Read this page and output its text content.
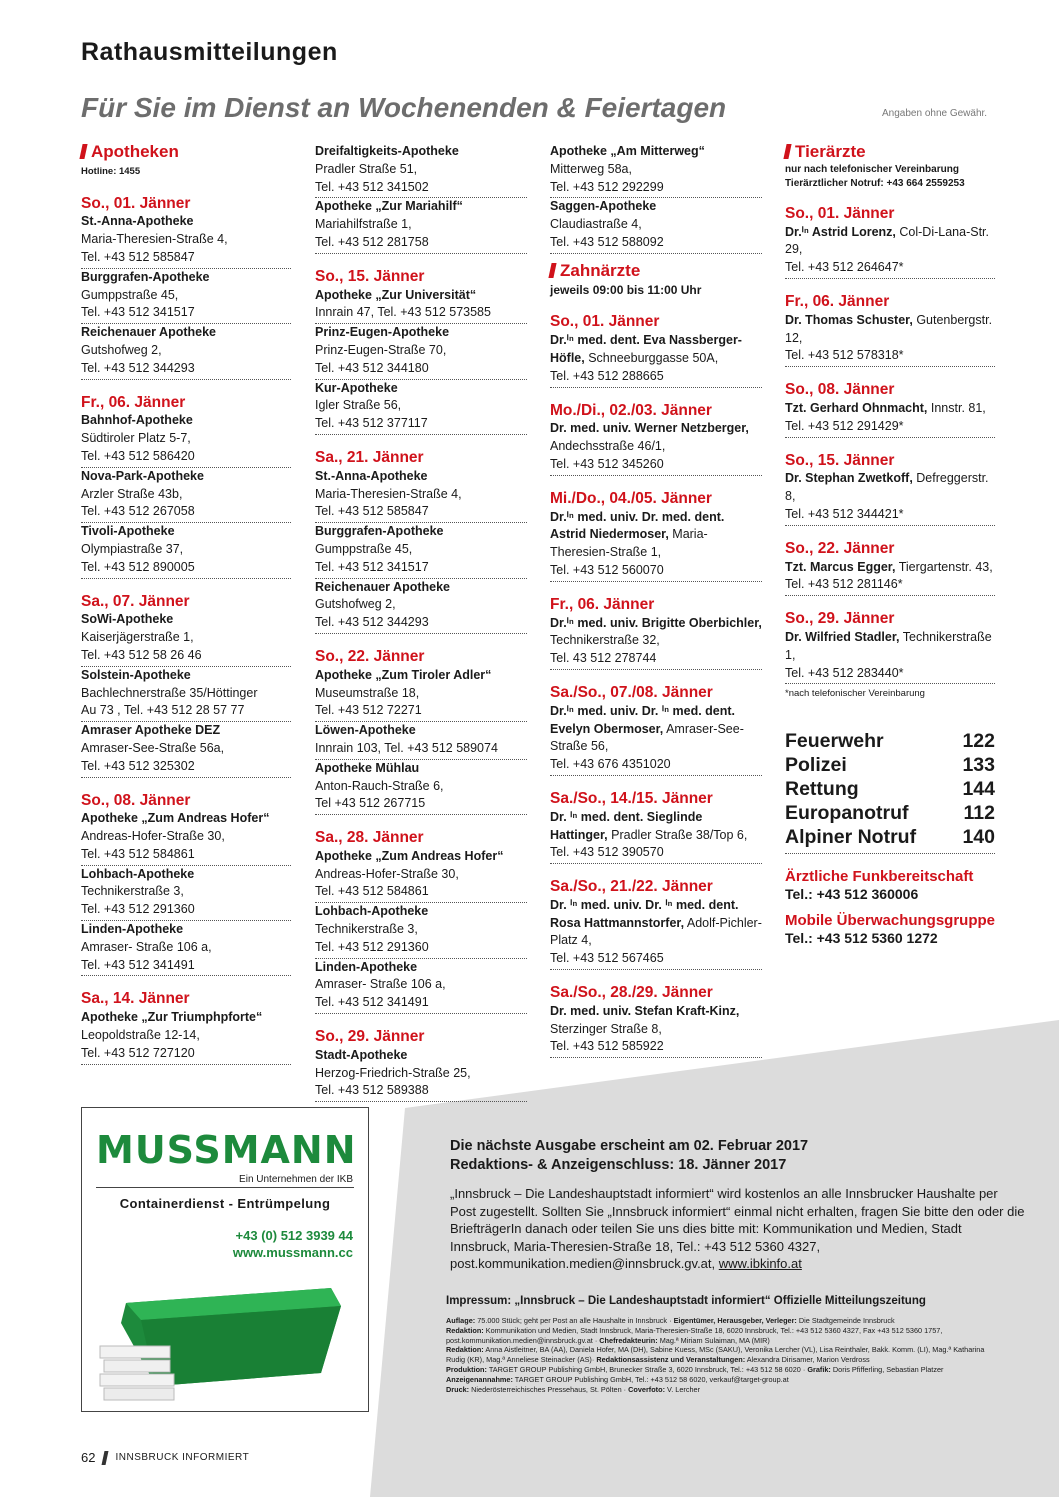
Rathausmitteilungen
Für Sie im Dienst an Wochenenden & Feiertagen	Angaben ohne Gewähr.
Apotheken
Hotline: 1455
So., 01. Jänner
St.-Anna-Apotheke
Maria-Theresien-Straße 4,
Tel. +43 512 585847
Burggrafen-Apotheke
Gumppstraße 45,
Tel. +43 512 341517
Reichenauer Apotheke
Gutshofweg 2,
Tel. +43 512 344293
Fr., 06. Jänner
Bahnhof-Apotheke
Südtiroler Platz 5-7,
Tel. +43 512 586420
Nova-Park-Apotheke
Arzler Straße 43b,
Tel. +43 512 267058
Tivoli-Apotheke
Olympiastraße 37,
Tel. +43 512 890005
Sa., 07. Jänner
SoWi-Apotheke
Kaiserjägerstraße 1,
Tel. +43 512 58 26 46
Solstein-Apotheke
Bachlechnerstraße 35/Höttinger
Au 73 , Tel. +43 512 28 57 77
Amraser Apotheke DEZ
Amraser-See-Straße 56a,
Tel. +43 512 325302
So., 08. Jänner
Apotheke „Zum Andreas Hofer“
Andreas-Hofer-Straße 30,
Tel. +43 512 584861
Lohbach-Apotheke
Technikerstraße 3,
Tel. +43 512 291360
Linden-Apotheke
Amraser- Straße 106 a,
Tel. +43 512 341491
Sa., 14. Jänner
Apotheke „Zur Triumphpforte“
Leopoldstraße 12-14,
Tel. +43 512 727120
Dreifaltigkeits-Apotheke
Pradler Straße 51,
Tel. +43 512 341502
Apotheke „Zur Mariahilf“
Mariahilfstraße 1,
Tel. +43 512 281758
So., 15. Jänner
Apotheke „Zur Universität“
Innrain 47, Tel. +43 512 573585
Prinz-Eugen-Apotheke
Prinz-Eugen-Straße 70,
Tel. +43 512 344180
Kur-Apotheke
Igler Straße 56,
Tel. +43 512 377117
Sa., 21. Jänner
St.-Anna-Apotheke
Maria-Theresien-Straße 4,
Tel. +43 512 585847
Burggrafen-Apotheke
Gumppstraße 45,
Tel. +43 512 341517
Reichenauer Apotheke
Gutshofweg 2,
Tel. +43 512 344293
So., 22. Jänner
Apotheke „Zum Tiroler Adler“
Museumstraße 18,
Tel. +43 512 72271
Löwen-Apotheke
Innrain 103, Tel. +43 512 589074
Apotheke Mühlau
Anton-Rauch-Straße 6,
Tel +43 512 267715
Sa., 28. Jänner
Apotheke „Zum Andreas Hofer“
Andreas-Hofer-Straße 30,
Tel. +43 512 584861
Lohbach-Apotheke
Technikerstraße 3,
Tel. +43 512 291360
Linden-Apotheke
Amraser- Straße 106 a,
Tel. +43 512 341491
So., 29. Jänner
Stadt-Apotheke
Herzog-Friedrich-Straße 25,
Tel. +43 512 589388
Apotheke „Am Mitterweg“
Mitterweg 58a,
Tel. +43 512 292299
Saggen-Apotheke
Claudiastraße 4,
Tel. +43 512 588092
Zahnärzte
jeweils 09:00 bis 11:00 Uhr
So., 01. Jänner
Dr.ⁱⁿ med. dent. Eva Nassberger-Höfle, Schneeburggasse 50A,
Tel. +43 512 288665
Mo./Di., 02./03. Jänner
Dr. med. univ. Werner Netzberger, Andechsstraße 46/1,
Tel. +43 512 345260
Mi./Do., 04./05. Jänner
Dr.ⁱⁿ med. univ. Dr. med. dent. Astrid Niedermoser, Maria-Theresien-Straße 1,
Tel. +43 512 560070
Fr., 06. Jänner
Dr.ⁱⁿ med. univ. Brigitte Oberbichler, Technikerstraße 32,
Tel. 43 512 278744
Sa./So., 07./08. Jänner
Dr.ⁱⁿ med. univ. Dr. ⁱⁿ med. dent. Evelyn Obermoser, Amraser-See-Straße 56,
Tel. +43 676 4351020
Sa./So., 14./15. Jänner
Dr. ⁱⁿ med. dent. Sieglinde Hattinger, Pradler Straße 38/Top 6,
Tel. +43 512 390570
Sa./So., 21./22. Jänner
Dr. ⁱⁿ med. univ. Dr. ⁱⁿ med. dent. Rosa Hattmannstorfer, Adolf-Pichler-Platz 4,
Tel. +43 512 567465
Sa./So., 28./29. Jänner
Dr. med. univ. Stefan Kraft-Kinz, Sterzinger Straße 8,
Tel. +43 512 585922
Tierärzte
nur nach telefonischer Vereinbarung
Tierärztlicher Notruf: +43 664 2559253
So., 01. Jänner
Dr.ⁱⁿ Astrid Lorenz, Col-Di-Lana-Str. 29,
Tel. +43 512 264647*
Fr., 06. Jänner
Dr. Thomas Schuster, Gutenbergstr. 12,
Tel. +43 512 578318*
So., 08. Jänner
Tzt. Gerhard Ohnmacht, Innstr. 81,
Tel. +43 512 291429*
So., 15. Jänner
Dr. Stephan Zwetkoff, Defreggerstr. 8,
Tel. +43 512 344421*
So., 22. Jänner
Tzt. Marcus Egger, Tiergartenstr. 43,
Tel. +43 512 281146*
So., 29. Jänner
Dr. Wilfried Stadler, Technikerstraße 1,
Tel. +43 512 283440*
*nach telefonischer Vereinbarung
Feuerwehr	122
Polizei	133
Rettung	144
Europanotruf	112
Alpiner Notruf 140
Ärztliche Funkbereitschaft
Tel.: +43 512 360006
Mobile Überwachungsgruppe
Tel.: +43 512 5360 1272
MUSSMANN
Ein Unternehmen der IKB
Containerdienst - Entrümpelung
+43 (0) 512 3939 44
www.mussmann.cc
Die nächste Ausgabe erscheint am 02. Februar 2017
Redaktions- & Anzeigenschluss: 18. Jänner 2017
„Innsbruck – Die Landeshauptstadt informiert“ wird kostenlos an alle Innsbrucker Haushalte per Post zugestellt. Sollten Sie „Innsbruck informiert“ einmal nicht erhalten, fragen Sie bitte den oder die BriefträgerIn danach oder teilen Sie uns dies bitte mit: Kommunikation und Medien, Stadt Innsbruck, Maria-Theresien-Straße 18, Tel.: +43 512 5360 4327, post.kommunikation.medien@innsbruck.gv.at, www.ibkinfo.at
Impressum: „Innsbruck – Die Landeshauptstadt informiert“ Offizielle Mitteilungszeitung
Auflage: 75.000 Stück; geht per Post an alle Haushalte in Innsbruck · Eigentümer, Herausgeber, Verleger: Die Stadtgemeinde Innsbruck
Redaktion: Kommunikation und Medien, Stadt Innsbruck, Maria-Theresien-Straße 18, 6020 Innsbruck, Tel.: +43 512 5360 4327, Fax +43 512 5360 1757, post.kommunikation.medien@innsbruck.gv.at · Chefredakteurin: Mag.ª Miriam Sulaiman, MA (MIR)
Redaktion: Anna Aistleitner, BA (AA), Daniela Hofer, MA (DH), Sabine Kuess, MSc (SAKU), Veronika Lercher (VL), Lisa Reinthaler, Bakk. Komm. (LI), Mag.ª Katharina Rudig (KR), Mag.ª Anneliese Steinacker (AS)· Redaktionsassistenz und Veranstaltungen: Alexandra Dirisamer, Marion Verdross
Produktion: TARGET GROUP Publishing GmbH, Brunecker Straße 3, 6020 Innsbruck, Tel.: +43 512 58 6020 · Grafik: Doris Pfifferling, Sebastian Platzer
Anzeigenannahme: TARGET GROUP Publishing GmbH, Tel.: +43 512 58 6020, verkauf@target-group.at
Druck: Niederösterreichisches Pressehaus, St. Pölten · Coverfoto: V. Lercher
62 INNSBRUCK INFORMIERT
